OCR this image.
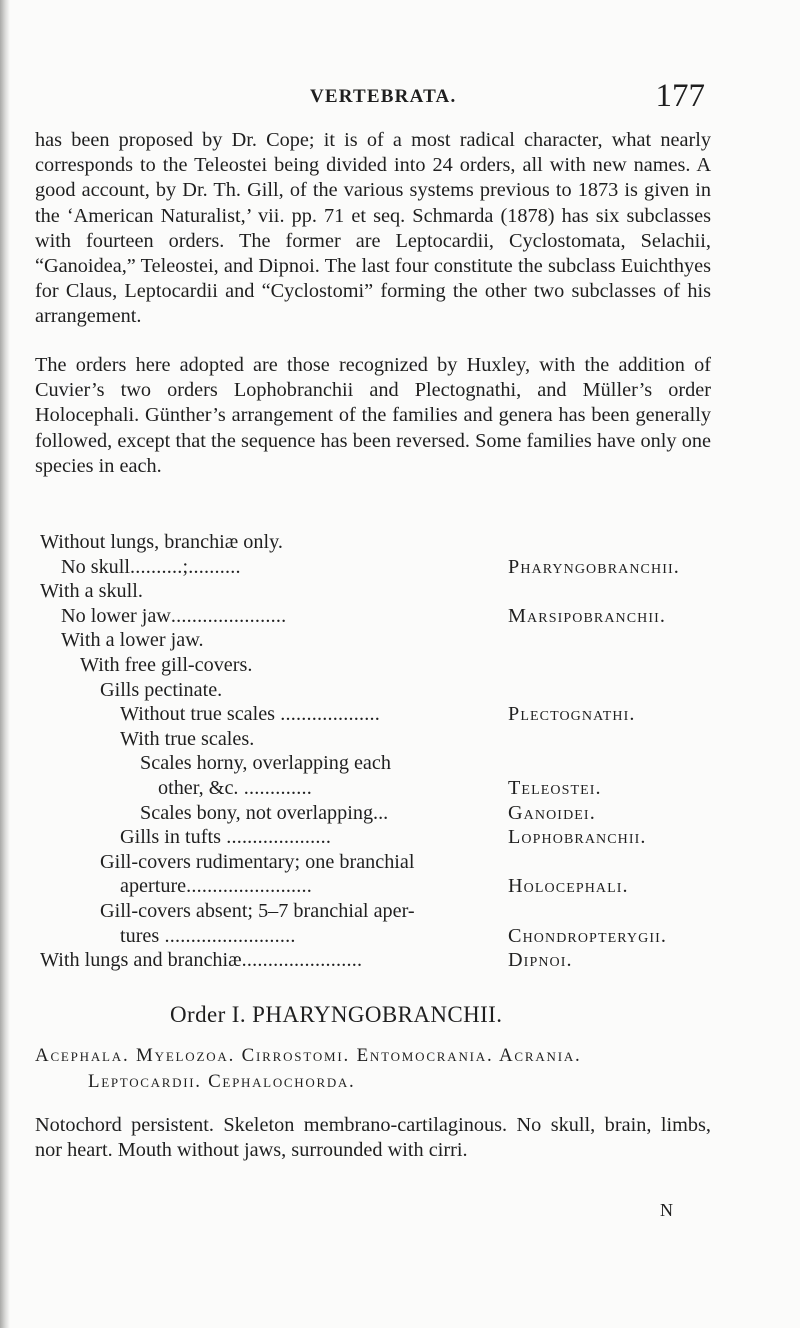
VERTEBRATA.	177
has been proposed by Dr. Cope; it is of a most radical character, what nearly corresponds to the Teleostei being divided into 24 orders, all with new names. A good account, by Dr. Th. Gill, of the various systems previous to 1873 is given in the ‘American Naturalist,’ vii. pp. 71 et seq. Schmarda (1878) has six subclasses with fourteen orders. The former are Leptocardii, Cyclostomata, Selachii, “Ganoidea,” Teleostei, and Dipnoi. The last four constitute the subclass Euichthyes for Claus, Leptocardii and “Cyclostomi” forming the other two subclasses of his arrangement.
The orders here adopted are those recognized by Huxley, with the addition of Cuvier’s two orders Lophobranchii and Plectognathi, and Müller’s order Holocephali. Günther’s arrangement of the families and genera has been generally followed, except that the sequence has been reversed. Some families have only one species in each.
Without lungs, branchiæ only.
No skull..........;..........	Pharyngobranchii.
With a skull.
No lower jaw......................	Marsipobranchii.
With a lower jaw.
With free gill-covers.
Gills pectinate.
Without true scales ...................	Plectognathi.
With true scales.
Scales horny, overlapping each
other, &c. .............	Teleostei.
Scales bony, not overlapping...	Ganoidei.
Gills in tufts ....................	Lophobranchii.
Gill-covers rudimentary; one branchial
aperture........................	Holocephali.
Gill-covers absent; 5–7 branchial aper-
tures .........................	Chondropterygii.
With lungs and branchiæ.......................	Dipnoi.
Order I. PHARYNGOBRANCHII.
Acephala. Myelozoa. Cirrostomi. Entomocrania. Acrania.
Leptocardii. Cephalochorda.
Notochord persistent. Skeleton membrano-cartilaginous. No skull, brain, limbs, nor heart. Mouth without jaws, surrounded with cirri.
N
